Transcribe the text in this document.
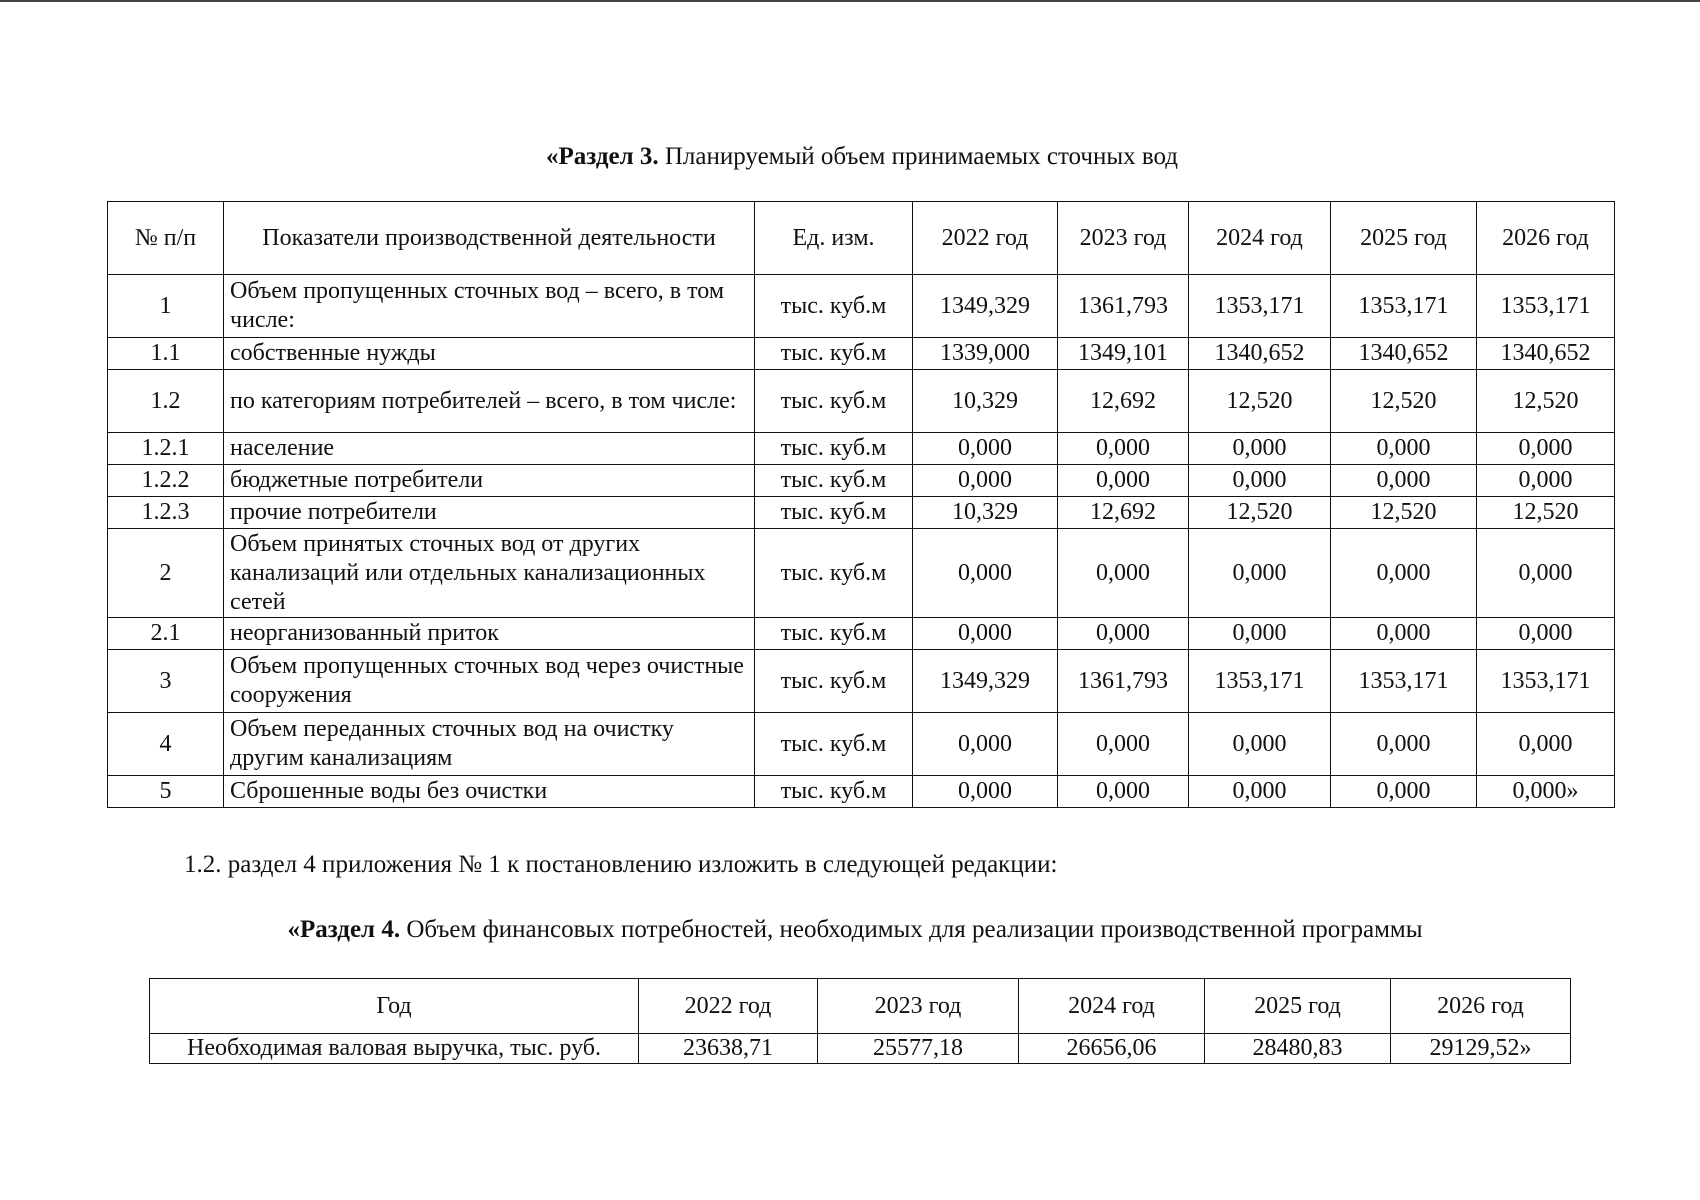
«Раздел 3. Планируемый объем принимаемых сточных вод
№ п/п	Показатели производственной деятельности	Ед. изм.	2022 год	2023 год	2024 год	2025 год	2026 год
1	Объем пропущенных сточных вод – всего, в том числе:	тыс. куб.м	1349,329	1361,793	1353,171	1353,171	1353,171
1.1	собственные нужды	тыс. куб.м	1339,000	1349,101	1340,652	1340,652	1340,652
1.2	по категориям потребителей – всего, в том числе:	тыс. куб.м	10,329	12,692	12,520	12,520	12,520
1.2.1	население	тыс. куб.м	0,000	0,000	0,000	0,000	0,000
1.2.2	бюджетные потребители	тыс. куб.м	0,000	0,000	0,000	0,000	0,000
1.2.3	прочие потребители	тыс. куб.м	10,329	12,692	12,520	12,520	12,520
2	Объем принятых сточных вод от других канализаций или отдельных канализационных сетей	тыс. куб.м	0,000	0,000	0,000	0,000	0,000
2.1	неорганизованный приток	тыс. куб.м	0,000	0,000	0,000	0,000	0,000
3	Объем пропущенных сточных вод через очистные сооружения	тыс. куб.м	1349,329	1361,793	1353,171	1353,171	1353,171
4	Объем переданных сточных вод на очистку другим канализациям	тыс. куб.м	0,000	0,000	0,000	0,000	0,000
5	Сброшенные воды без очистки	тыс. куб.м	0,000	0,000	0,000	0,000	0,000»
1.2. раздел 4 приложения № 1 к постановлению изложить в следующей редакции:
«Раздел 4. Объем финансовых потребностей, необходимых для реализации производственной программы
Год	2022 год	2023 год	2024 год	2025 год	2026 год
Необходимая валовая выручка, тыс. руб.	23638,71	25577,18	26656,06	28480,83	29129,52»
